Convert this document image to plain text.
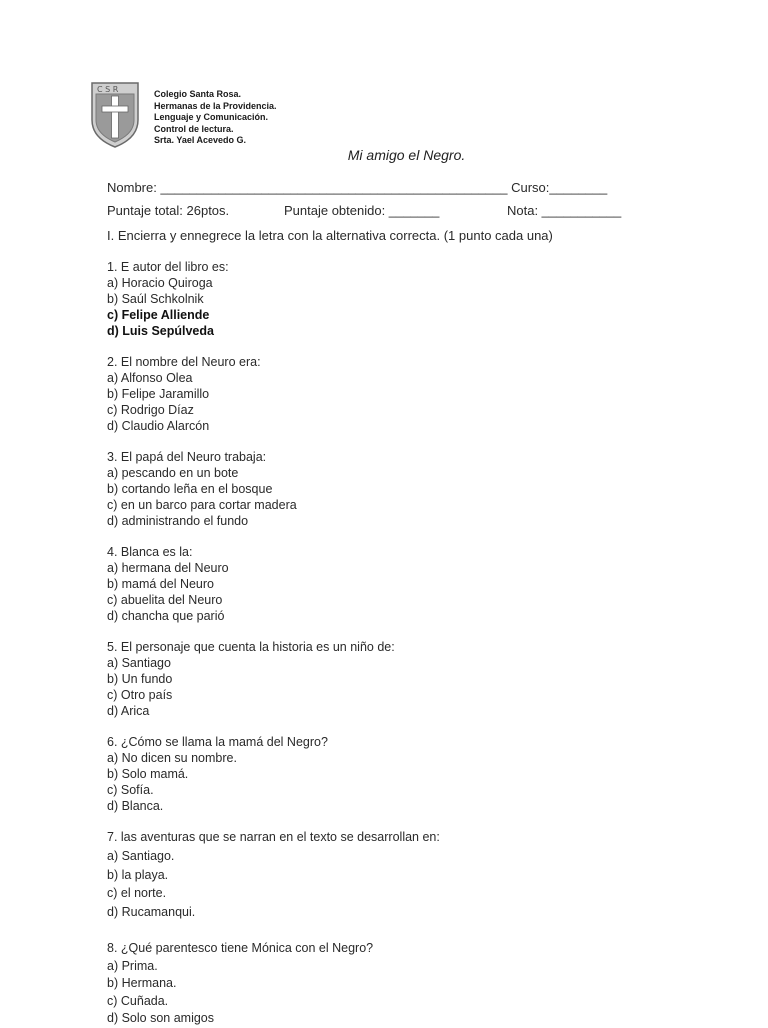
C S R	Colegio Santa Rosa.
Hermanas de la Providencia.
Lenguaje y Comunicación.
Control de lectura.
Srta. Yael Acevedo G.
Mi amigo el Negro.
Nombre: ________________________________________________ Curso:________
Puntaje total: 26ptos.	Puntaje obtenido: _______	Nota: ___________
I. Encierra y ennegrece la letra con la alternativa correcta. (1 punto cada una)
1. E autor del libro es:
a) Horacio Quiroga
b) Saúl Schkolnik
c) Felipe Alliende
d) Luis Sepúlveda
2. El nombre del Neuro era:
a) Alfonso Olea
b) Felipe Jaramillo
c) Rodrigo Díaz
d) Claudio Alarcón
3. El papá del Neuro trabaja:
a) pescando en un bote
b) cortando leña en el bosque
c) en un barco para cortar madera
d) administrando el fundo
4. Blanca es la:
a) hermana del Neuro
b) mamá del Neuro
c) abuelita del Neuro
d) chancha que parió
5. El personaje que cuenta la historia es un niño de:
a) Santiago
b) Un fundo
c) Otro país
d) Arica
6. ¿Cómo se llama la mamá del Negro?
a) No dicen su nombre.
b) Solo mamá.
c) Sofía.
d) Blanca.
7. las aventuras que se narran en el texto se desarrollan en:
a) Santiago.
b) la playa.
c) el norte.
d) Rucamanqui.
8. ¿Qué parentesco tiene Mónica con el Negro?
a) Prima.
b) Hermana.
c) Cuñada.
d) Solo son amigos
